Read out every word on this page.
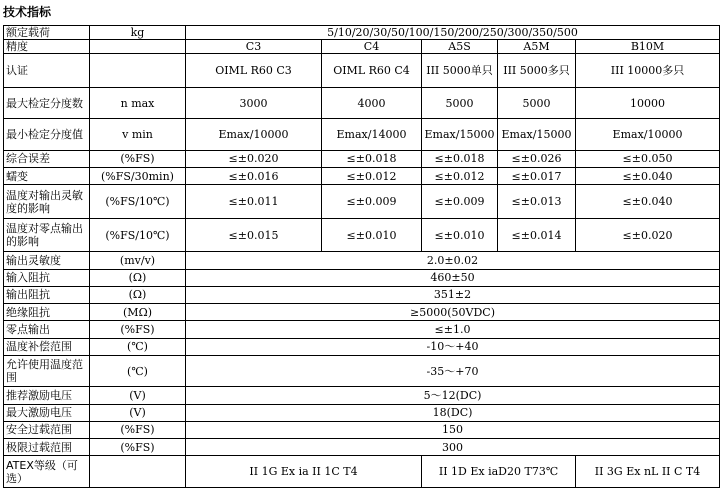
技术指标
额定载荷	kg	5/10/20/30/50/100/150/200/250/300/350/500				
精度		C3	C4	A5S	A5M	B10M
认证		OIML R60 C3	OIML R60 C4	III 5000单只	III 5000多只	III 10000多只
最大检定分度数	n max	3000	4000	5000	5000	10000
最小检定分度值	v min	Emax/10000	Emax/14000	Emax/15000	Emax/15000	Emax/10000
综合误差	(%FS)	≤±0.020	≤±0.018	≤±0.018	≤±0.026	≤±0.050
蠕变	(%FS/30min)	≤±0.016	≤±0.012	≤±0.012	≤±0.017	≤±0.040
温度对输出灵敏度的影响	(%FS/10℃)	≤±0.011	≤±0.009	≤±0.009	≤±0.013	≤±0.040
温度对零点输出的影响	(%FS/10℃)	≤±0.015	≤±0.010	≤±0.010	≤±0.014	≤±0.020
输出灵敏度	(mv/v)	2.0±0.02				
输入阻抗	(Ω)	460±50				
输出阻抗	(Ω)	351±2				
绝缘阻抗	(MΩ)	≥5000(50VDC)				
零点输出	(%FS)	≤±1.0				
温度补偿范围	(℃)	-10～+40				
允许使用温度范围	(℃)	-35～+70				
推荐激励电压	(V)	5～12(DC)				
最大激励电压	(V)	18(DC)				
安全过载范围	(%FS)	150				
极限过载范围	(%FS)	300				
ATEX等级（可选）		II 1G Ex ia II 1C T4		II 1D Ex iaD20 T73℃		II 3G Ex nL II C T4
